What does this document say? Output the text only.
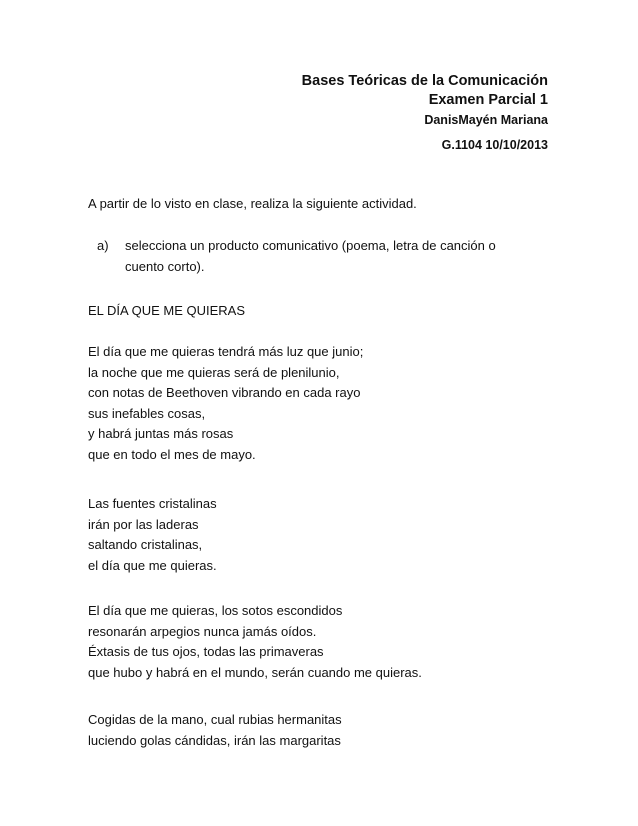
Bases Teóricas de la Comunicación
Examen Parcial 1
DanisMayén Mariana
G.1104 10/10/2013
A partir de lo visto en clase, realiza la siguiente actividad.
a) selecciona un producto comunicativo (poema, letra de canción o cuento corto).
EL DÍA QUE ME QUIERAS
El día que me quieras tendrá más luz que junio;
la noche que me quieras será de plenilunio,
con notas de Beethoven vibrando en cada rayo
sus inefables cosas,
y habrá juntas más rosas
que en todo el mes de mayo.
Las fuentes cristalinas
irán por las laderas
saltando cristalinas,
el día que me quieras.
El día que me quieras, los sotos escondidos
resonarán arpegios nunca jamás oídos.
Éxtasis de tus ojos, todas las primaveras
que hubo y habrá en el mundo, serán cuando me quieras.
Cogidas de la mano, cual rubias hermanitas
luciendo golas cándidas, irán las margaritas
